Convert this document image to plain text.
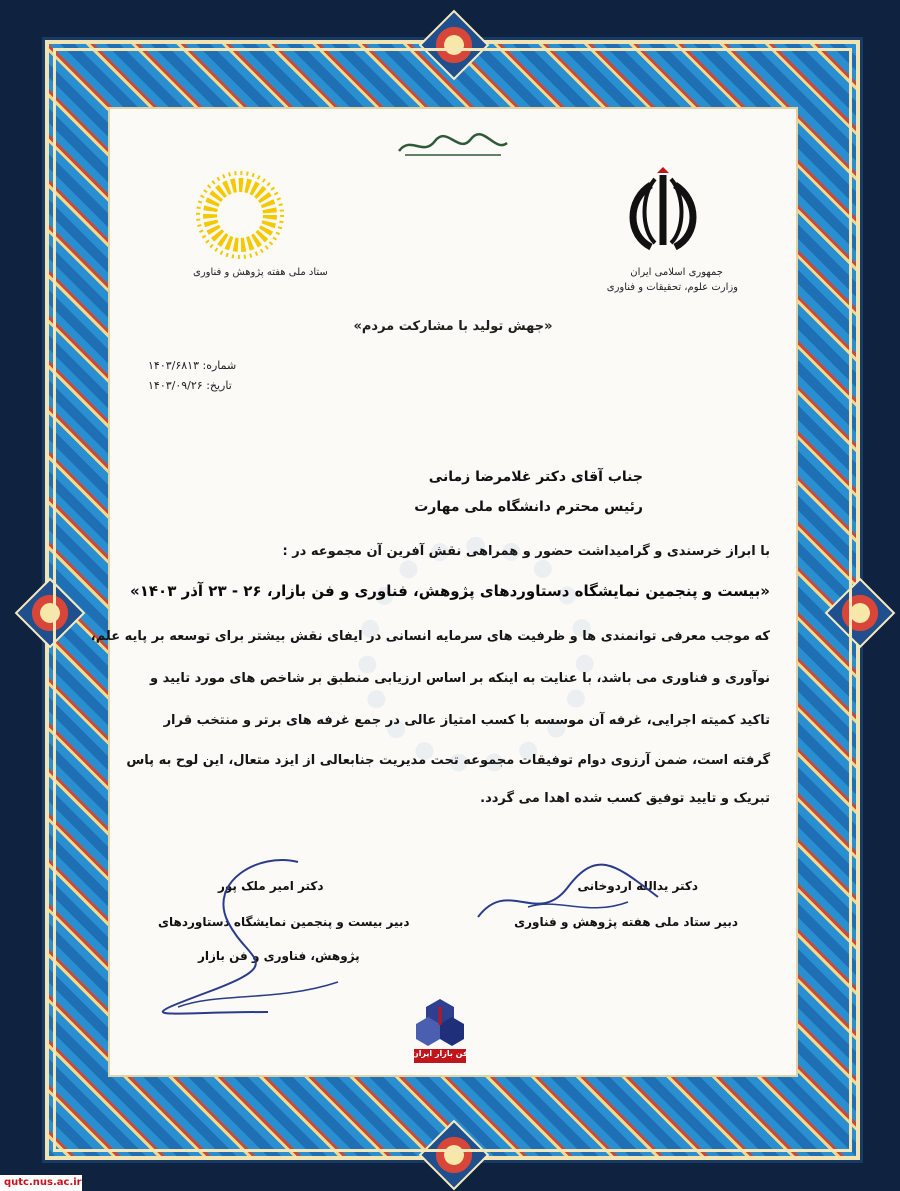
جمهوری اسلامی ایران
وزارت علوم، تحقیقات و فناوری
ستاد ملی هفته پژوهش و فناوری
«جهش تولید با مشارکت مردم»
شماره: ۱۴۰۳/۶۸۱۳
تاریخ: ۱۴۰۳/۰۹/۲۶
جناب آقای دکتر غلامرضا زمانی
رئیس محترم دانشگاه ملی مهارت
با ابراز خرسندی و گرامیداشت حضور و همراهی نقش آفرین آن مجموعه در :
«بیست و پنجمین نمایشگاه دستاوردهای پژوهش، فناوری و فن بازار، ۲۶ - ۲۳ آذر ۱۴۰۳»
که موجب معرفی توانمندی ها و ظرفیت های سرمایه انسانی در ایفای نقش بیشتر برای توسعه بر پایه علم،
نوآوری و فناوری می باشد، با عنایت به اینکه بر اساس ارزیابی منطبق بر شاخص های مورد تایید و
تاکید کمیته اجرایی، غرفه آن موسسه با کسب امتیاز عالی در جمع غرفه های برتر و منتخب قرار
گرفته است، ضمن آرزوی دوام توفیقات مجموعه تحت مدیریت جنابعالی از ایزد متعال، این لوح به پاس
تبریک و تایید توفیق کسب شده اهدا می گردد.
دکتر یدالله اردوخانی
دبیر ستاد ملی هفته پژوهش و فناوری
دکتر امیر ملک پور
دبیر بیست و پنجمین نمایشگاه دستاوردهای
پژوهش، فناوری و فن بازار
فن بازار ایران
qutc.nus.ac.ir
